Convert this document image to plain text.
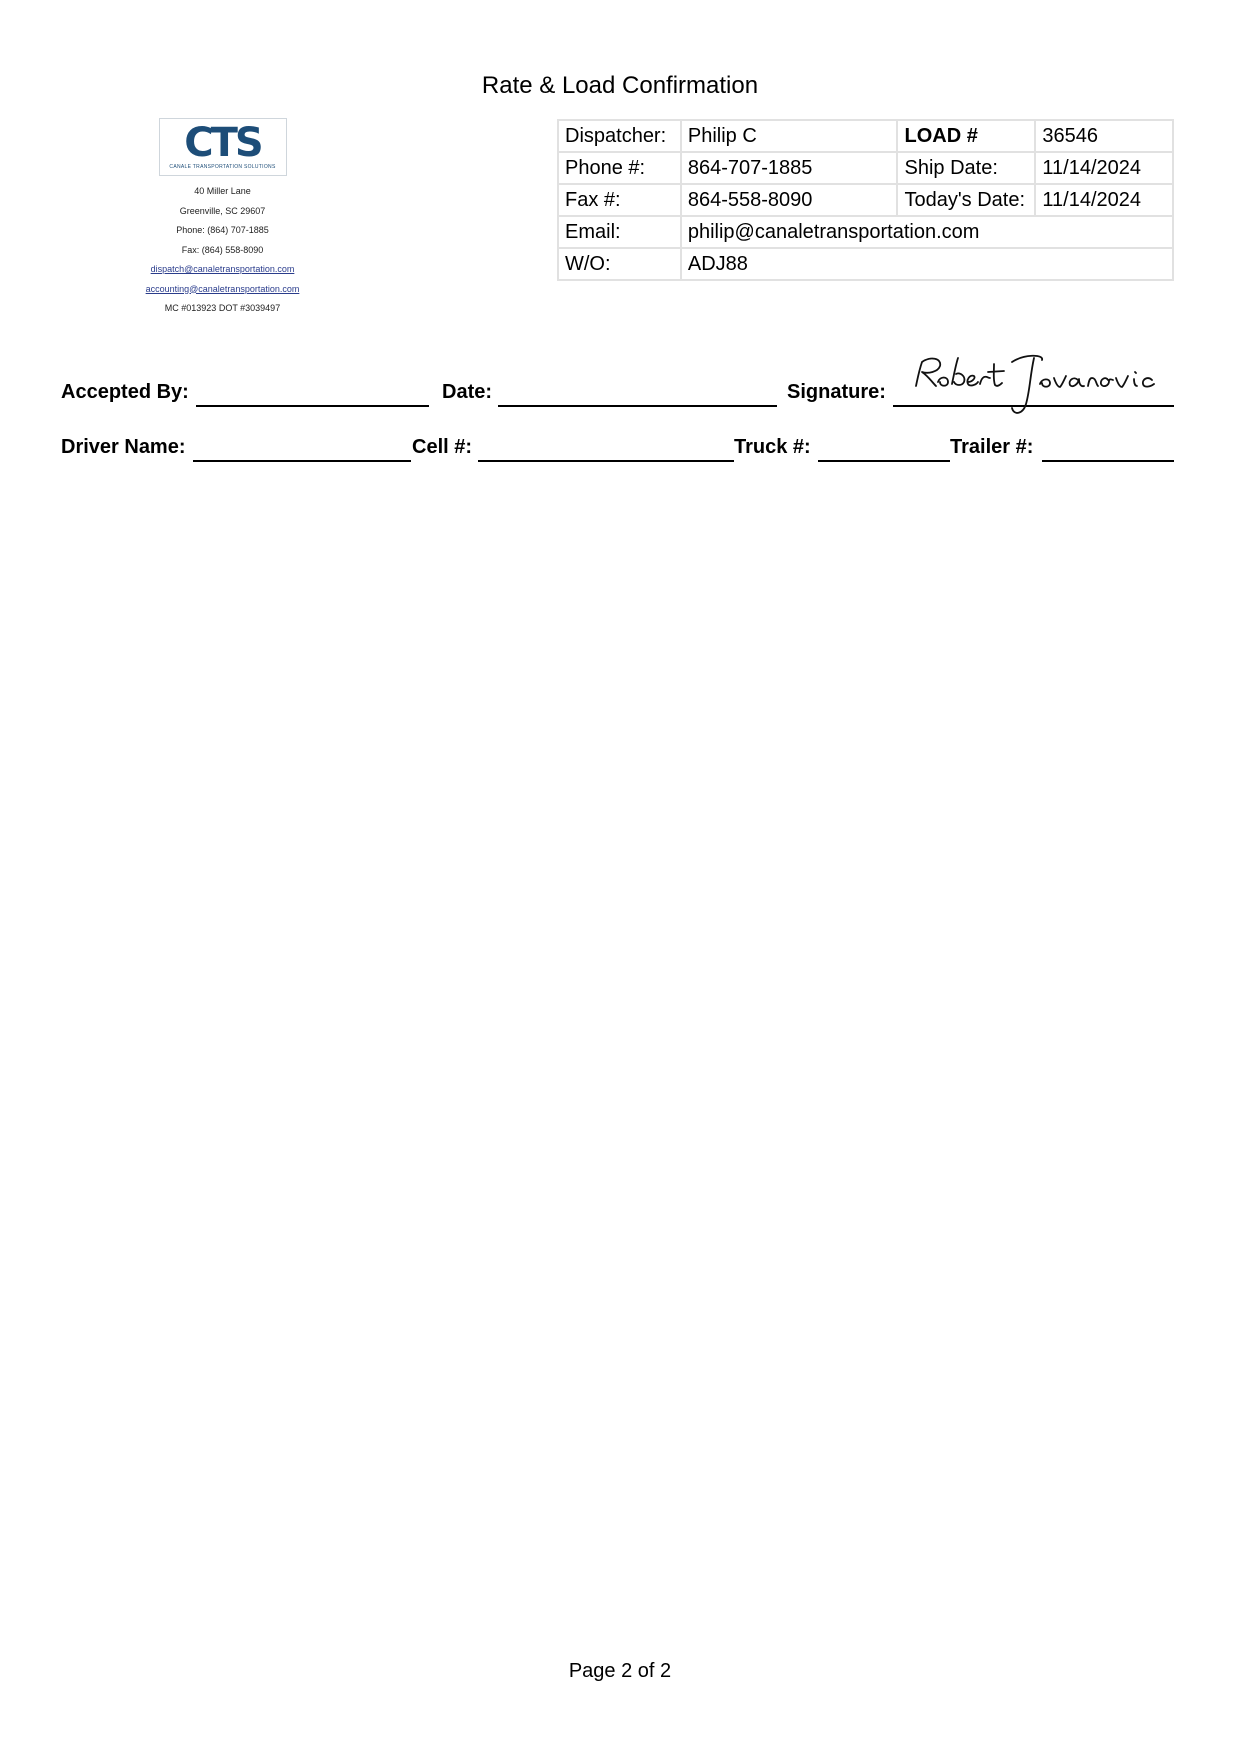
Rate & Load Confirmation
CTS
CANALE TRANSPORTATION SOLUTIONS
40 Miller Lane
Greenville, SC 29607
Phone: (864) 707-1885
Fax: (864) 558-8090
dispatch@canaletransportation.com
accounting@canaletransportation.com
MC #013923 DOT #3039497
Dispatcher:	Philip C	LOAD #	36546
Phone #:	864-707-1885	Ship Date:	11/14/2024
Fax #:	864-558-8090	Today's Date:	11/14/2024
Email:	philip@canaletransportation.com		
W/O:	ADJ88		
Accepted By:	Date:	Signature:
Driver Name:	Cell #:	Truck #:	Trailer #:
Page 2 of 2
